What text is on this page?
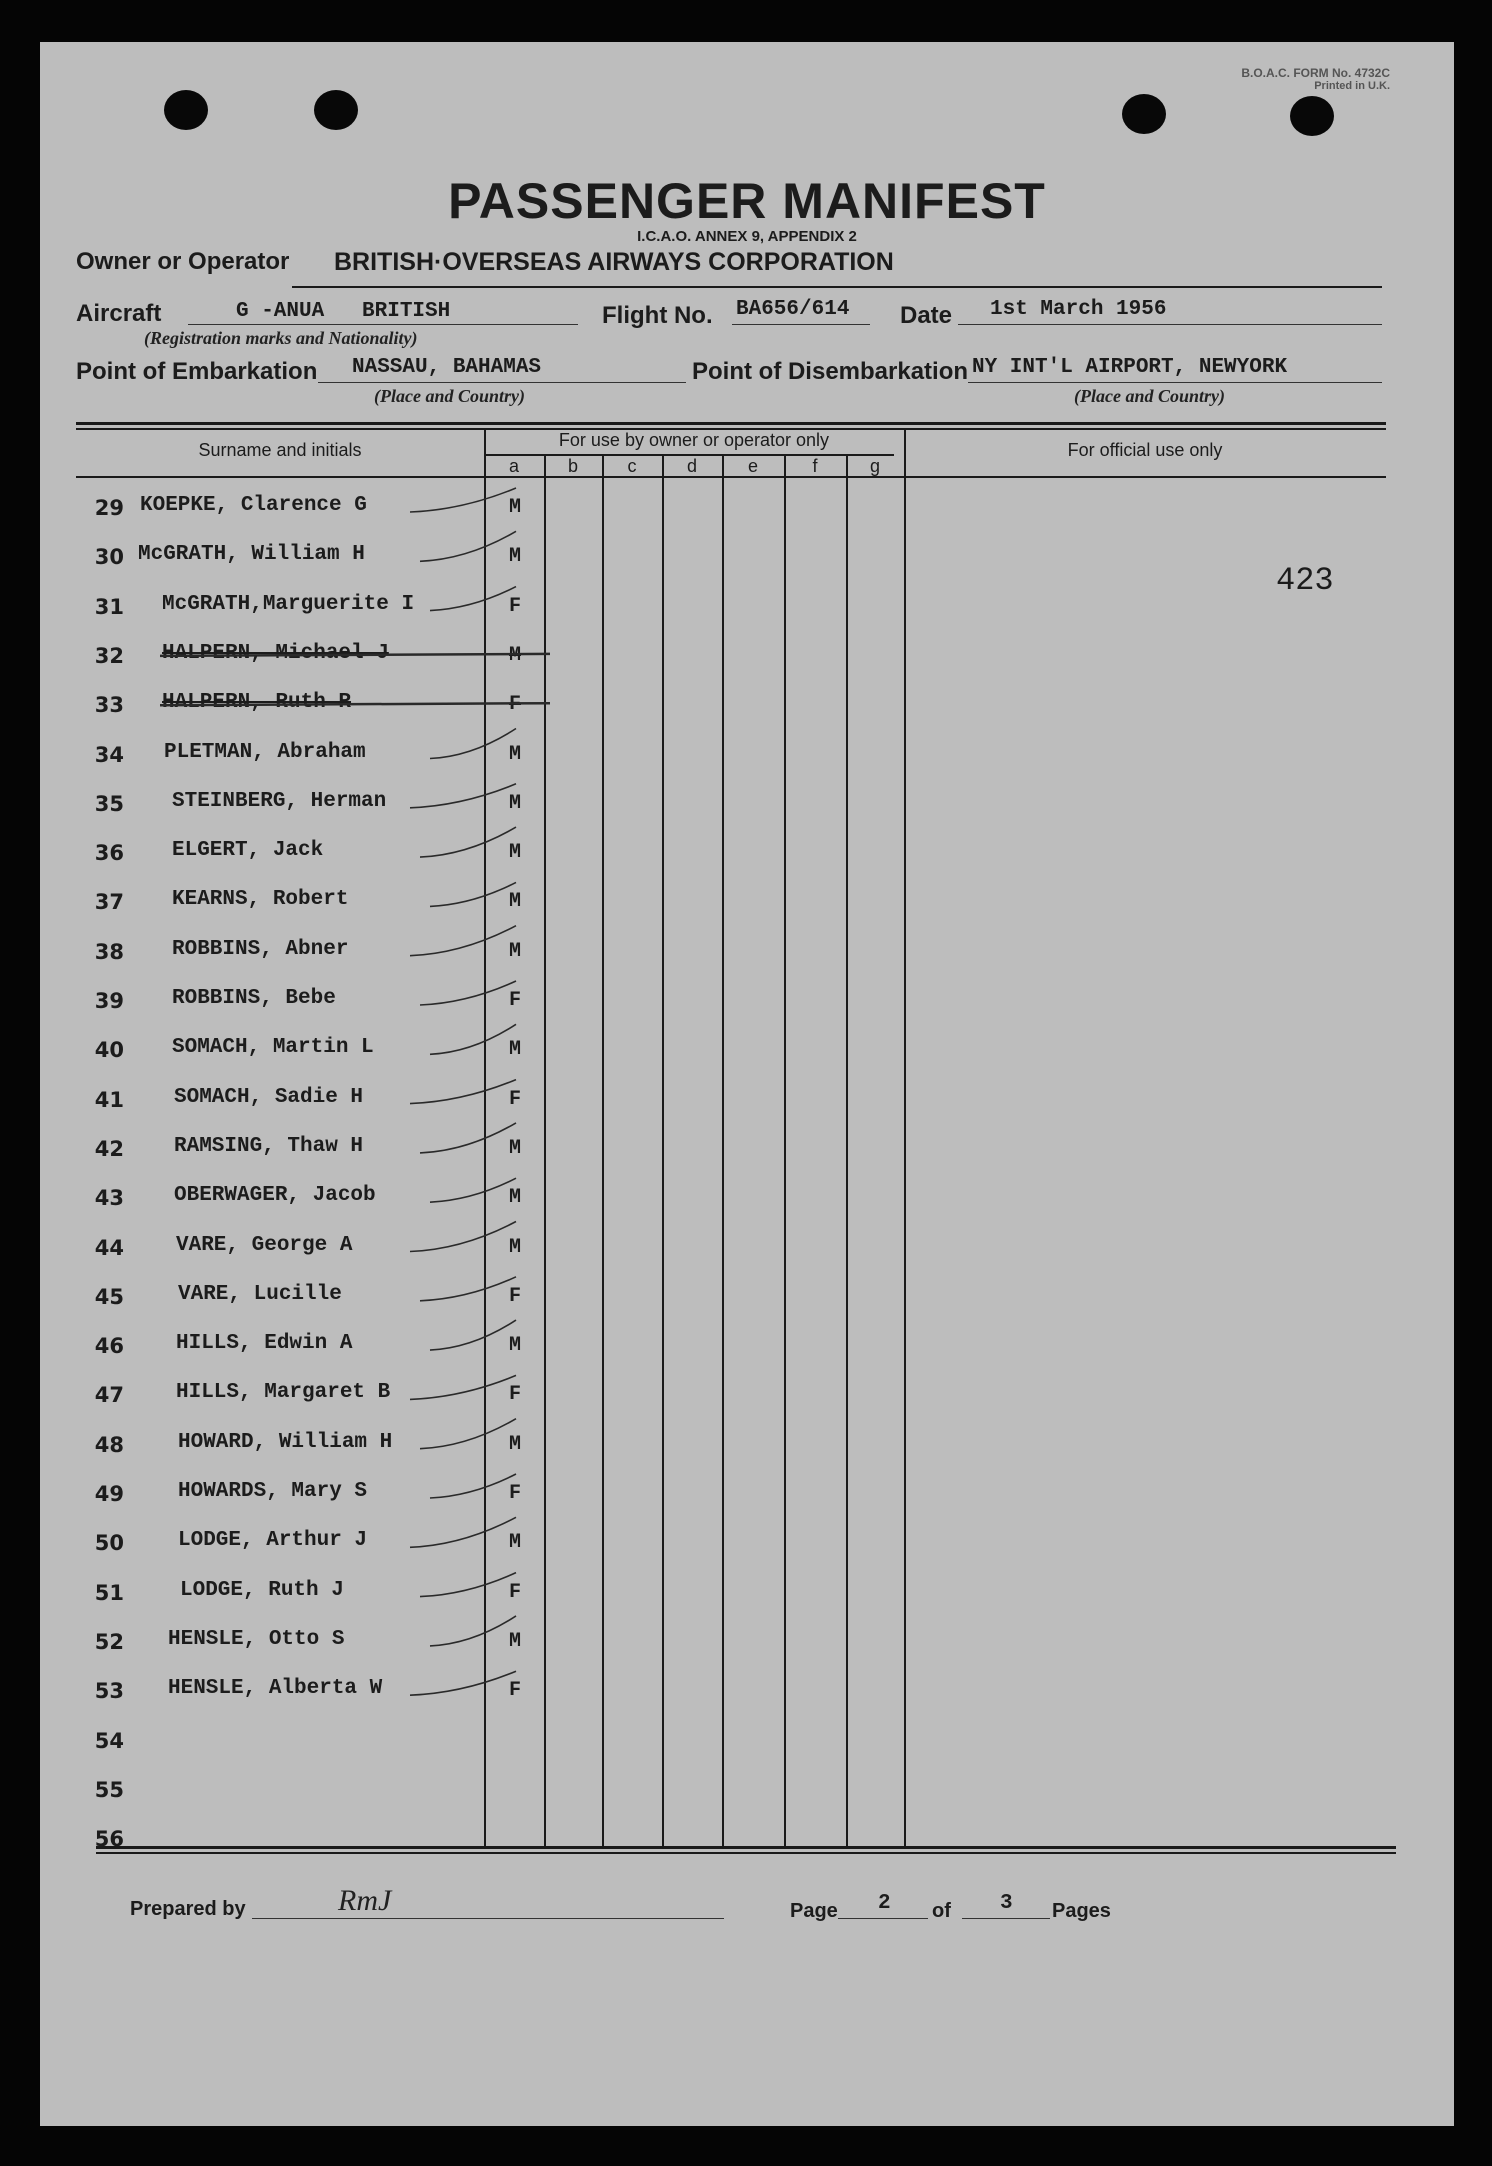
B.O.A.C. FORM No. 4732C
Printed in U.K.
PASSENGER MANIFEST
I.C.A.O. ANNEX 9, APPENDIX 2
Owner or Operator BRITISH·OVERSEAS AIRWAYS CORPORATION
Aircraft	G -ANUA   BRITISH
(Registration marks and Nationality)
Flight No. BA656/614 Date 1st March 1956
Point of Embarkation NASSAU, BAHAMAS
(Place and Country)
Point of Disembarkation NY INT'L AIRPORT, NEWYORK
(Place and Country)
Surname and initials	For use by owner or operator only	For official use only
a	b	c	d	e	f	g
29 KOEPKE, Clarence G	M
30 McGRATH, William H	M
31 McGRATH,Marguerite I	F
32 HALPERN, Michael J	M
33 HALPERN, Ruth R	F
34 PLETMAN, Abraham	M
35 STEINBERG, Herman	M
36 ELGERT, Jack	M
37 KEARNS, Robert	M
38 ROBBINS, Abner	M
39 ROBBINS, Bebe	F
40 SOMACH, Martin L	M
41 SOMACH, Sadie H	F
42 RAMSING, Thaw H	M
43 OBERWAGER, Jacob	M
44 VARE, George A	M
45	VARE, Lucille	F
46 HILLS, Edwin A	M
47 HILLS, Margaret B	F
48	HOWARD, William H	M
49	HOWARDS, Mary S	F
50	LODGE, Arthur J	M
51	LODGE, Ruth J	F
52 HENSLE, Otto S	M
53 HENSLE, Alberta W	F
54
55
56
423
Prepared by	RmJ	Page 2 of 3 Pages
